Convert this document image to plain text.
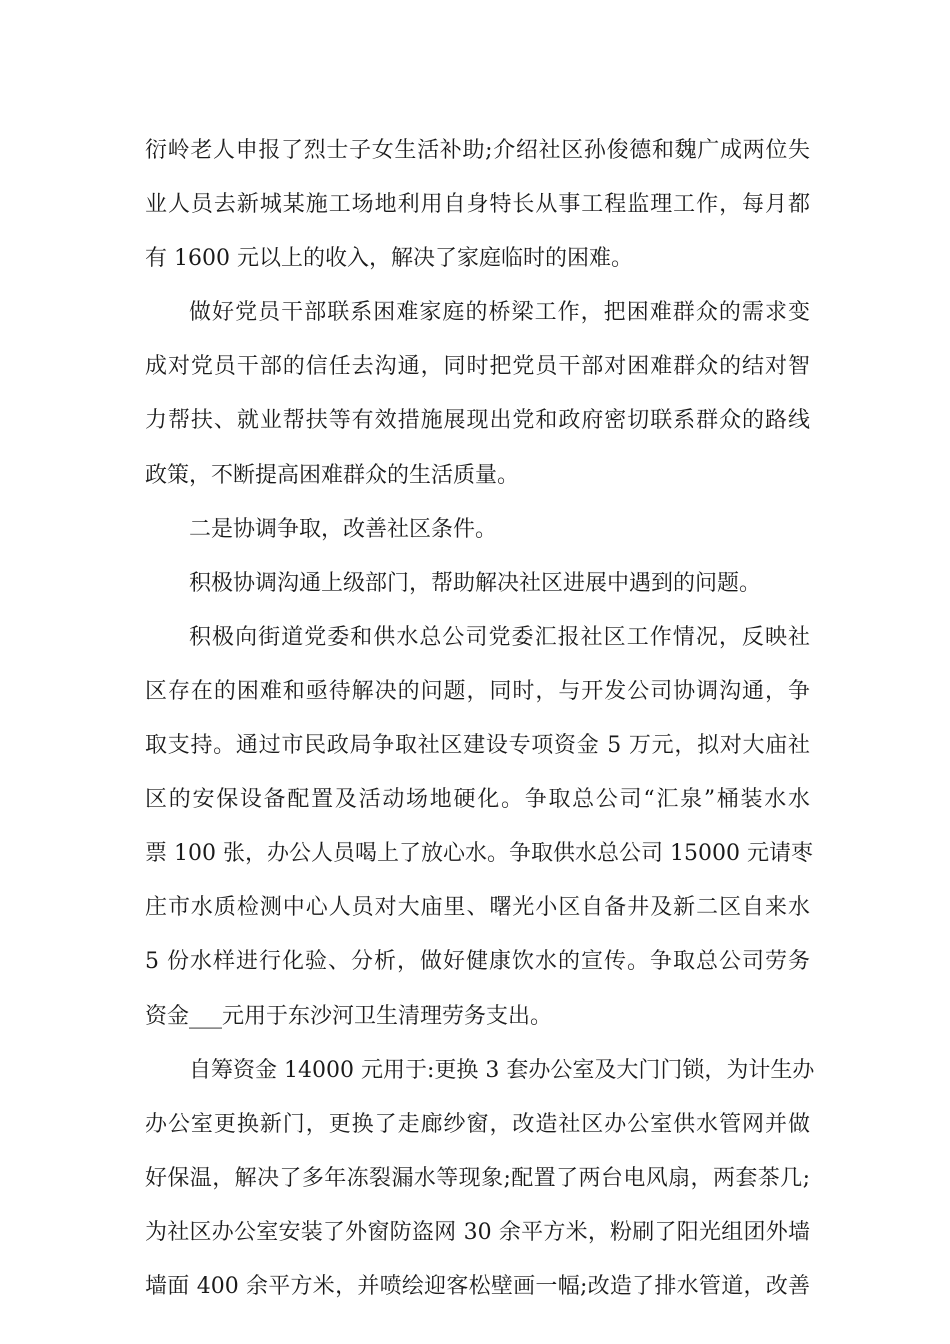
衍岭老人申报了烈士子女生活补助;介绍社区孙俊德和魏广成两位失
业人员去新城某施工场地利用自身特长从事工程监理工作，每月都
有 1600 元以上的收入，解决了家庭临时的困难。

做好党员干部联系困难家庭的桥梁工作，把困难群众的需求变
成对党员干部的信任去沟通，同时把党员干部对困难群众的结对智
力帮扶、就业帮扶等有效措施展现出党和政府密切联系群众的路线
政策，不断提高困难群众的生活质量。

二是协调争取，改善社区条件。

积极协调沟通上级部门，帮助解决社区进展中遇到的问题。

积极向街道党委和供水总公司党委汇报社区工作情况，反映社
区存在的困难和亟待解决的问题，同时，与开发公司协调沟通，争
取支持。通过市民政局争取社区建设专项资金 5 万元，拟对大庙社
区的安保设备配置及活动场地硬化。争取总公司“汇泉”桶装水水
票 100 张，办公人员喝上了放心水。争取供水总公司 15000 元请枣
庄市水质检测中心人员对大庙里、曙光小区自备井及新二区自来水
5 份水样进行化验、分析，做好健康饮水的宣传。争取总公司劳务
资金___元用于东沙河卫生清理劳务支出。

自筹资金 14000 元用于:更换 3 套办公室及大门门锁，为计生办
办公室更换新门，更换了走廊纱窗，改造社区办公室供水管网并做
好保温，解决了多年冻裂漏水等现象;配置了两台电风扇，两套茶几;
为社区办公室安装了外窗防盗网 30 余平方米，粉刷了阳光组团外墙
墙面 400 余平方米，并喷绘迎客松壁画一幅;改造了排水管道，改善
